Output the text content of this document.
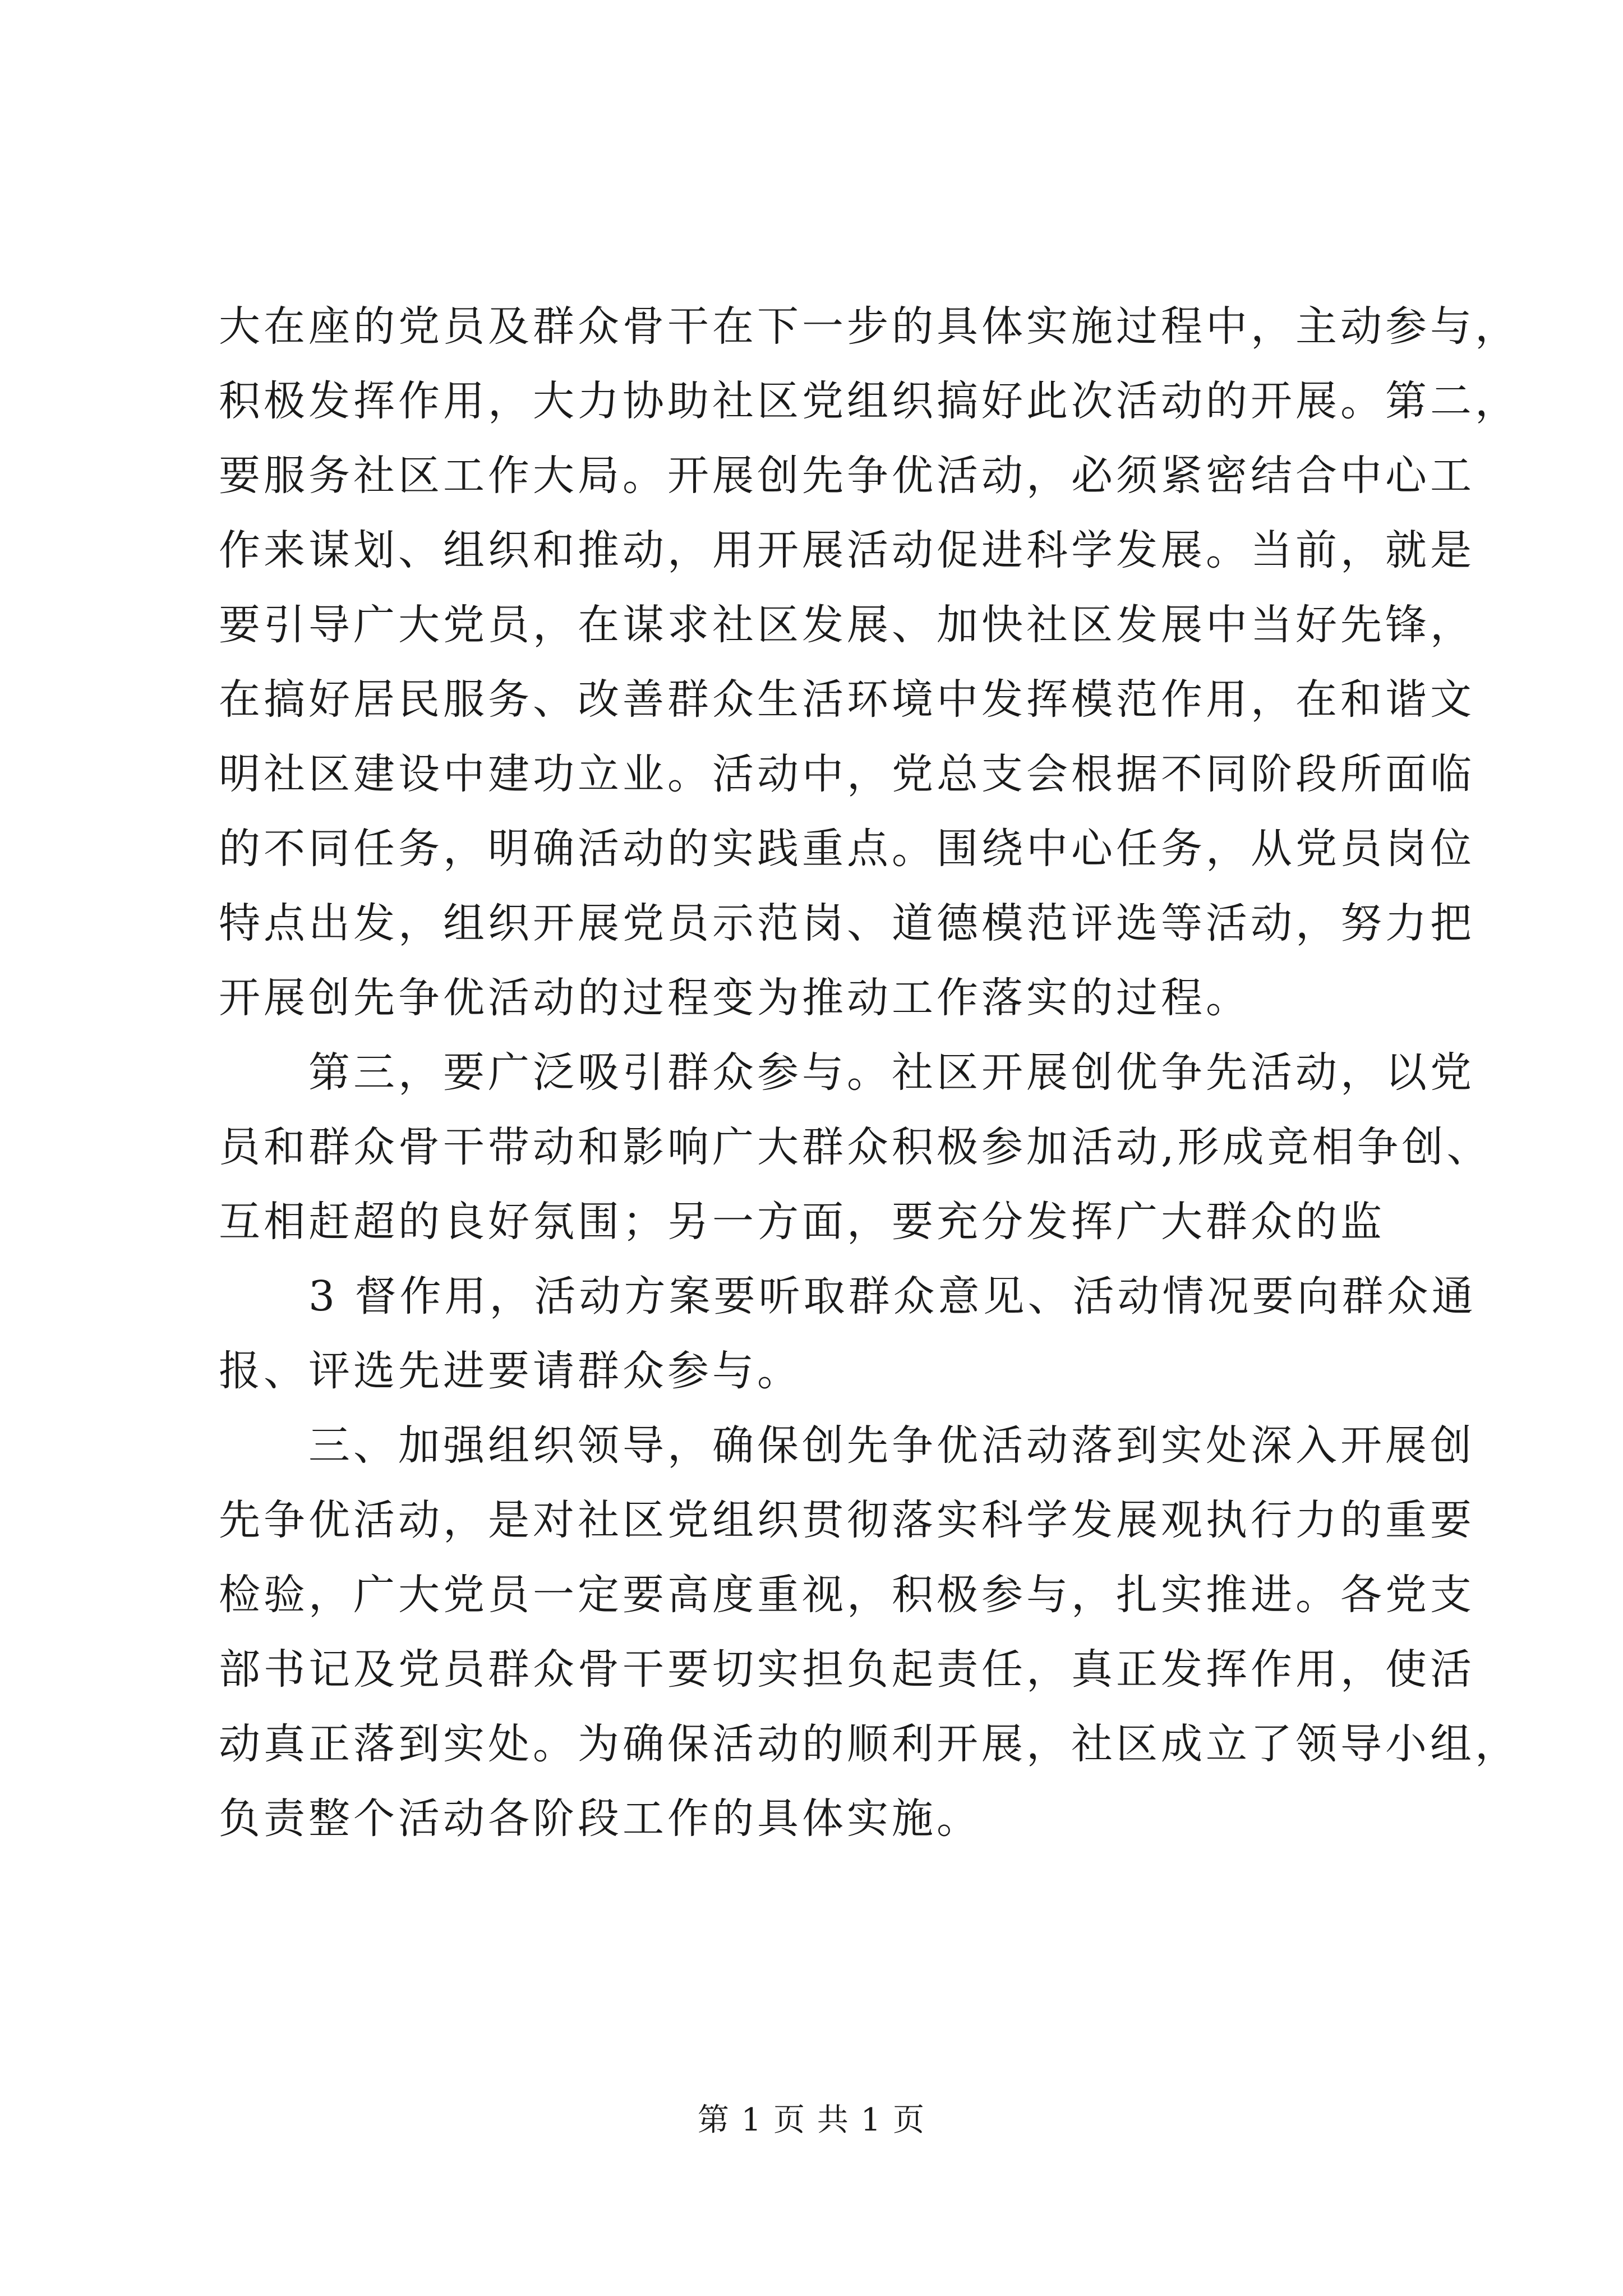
大在座的党员及群众骨干在下一步的具体实施过程中，主动参与，
积极发挥作用，大力协助社区党组织搞好此次活动的开展。第二，
要服务社区工作大局。开展创先争优活动，必须紧密结合中心工
作来谋划、组织和推动，用开展活动促进科学发展。当前，就是
要引导广大党员，在谋求社区发展、加快社区发展中当好先锋，
在搞好居民服务、改善群众生活环境中发挥模范作用，在和谐文
明社区建设中建功立业。活动中，党总支会根据不同阶段所面临
的不同任务，明确活动的实践重点。围绕中心任务，从党员岗位
特点出发，组织开展党员示范岗、道德模范评选等活动，努力把
开展创先争优活动的过程变为推动工作落实的过程。
第三，要广泛吸引群众参与。社区开展创优争先活动，以党
员和群众骨干带动和影响广大群众积极参加活动,形成竞相争创、
互相赶超的良好氛围；另一方面，要充分发挥广大群众的监
3 督作用，活动方案要听取群众意见、活动情况要向群众通
报、评选先进要请群众参与。
三、加强组织领导，确保创先争优活动落到实处深入开展创
先争优活动，是对社区党组织贯彻落实科学发展观执行力的重要
检验，广大党员一定要高度重视，积极参与，扎实推进。各党支
部书记及党员群众骨干要切实担负起责任，真正发挥作用，使活
动真正落到实处。为确保活动的顺利开展，社区成立了领导小组，
负责整个活动各阶段工作的具体实施。
第 1 页 共 1 页
